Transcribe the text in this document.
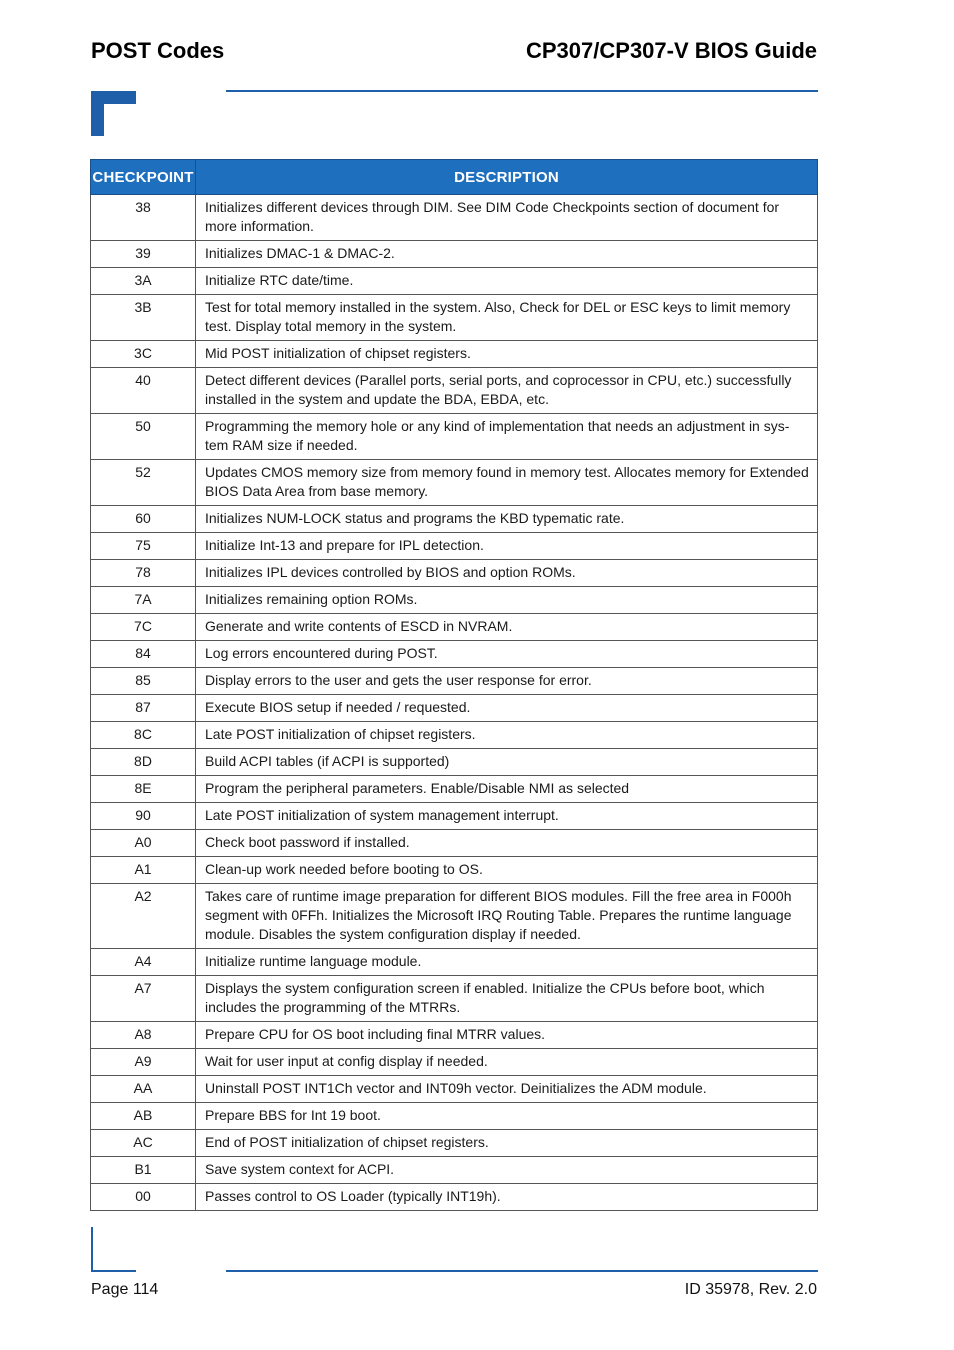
POST Codes	CP307/CP307-V BIOS Guide
CHECKPOINT	DESCRIPTION
38	Initializes different devices through DIM. See DIM Code Checkpoints section of document for more information.
39	Initializes DMAC-1 & DMAC-2.
3A	Initialize RTC date/time.
3B	Test for total memory installed in the system. Also, Check for DEL or ESC keys to limit memory test. Display total memory in the system.
3C	Mid POST initialization of chipset registers.
40	Detect different devices (Parallel ports, serial ports, and coprocessor in CPU, etc.) successfully installed in the system and update the BDA, EBDA, etc.
50	Programming the memory hole or any kind of implementation that needs an adjustment in sys-tem RAM size if needed.
52	Updates CMOS memory size from memory found in memory test. Allocates memory for Extended BIOS Data Area from base memory.
60	Initializes NUM-LOCK status and programs the KBD typematic rate.
75	Initialize Int-13 and prepare for IPL detection.
78	Initializes IPL devices controlled by BIOS and option ROMs.
7A	Initializes remaining option ROMs.
7C	Generate and write contents of ESCD in NVRAM.
84	Log errors encountered during POST.
85	Display errors to the user and gets the user response for error.
87	Execute BIOS setup if needed / requested.
8C	Late POST initialization of chipset registers.
8D	Build ACPI tables (if ACPI is supported)
8E	Program the peripheral parameters. Enable/Disable NMI as selected
90	Late POST initialization of system management interrupt.
A0	Check boot password if installed.
A1	Clean-up work needed before booting to OS.
A2	Takes care of runtime image preparation for different BIOS modules. Fill the free area in F000h segment with 0FFh. Initializes the Microsoft IRQ Routing Table. Prepares the runtime language module. Disables the system configuration display if needed.
A4	Initialize runtime language module.
A7	Displays the system configuration screen if enabled. Initialize the CPUs before boot, which includes the programming of the MTRRs.
A8	Prepare CPU for OS boot including final MTRR values.
A9	Wait for user input at config display if needed.
AA	Uninstall POST INT1Ch vector and INT09h vector. Deinitializes the ADM module.
AB	Prepare BBS for Int 19 boot.
AC	End of POST initialization of chipset registers.
B1	Save system context for ACPI.
00	Passes control to OS Loader (typically INT19h).
Page 114	ID 35978, Rev. 2.0
